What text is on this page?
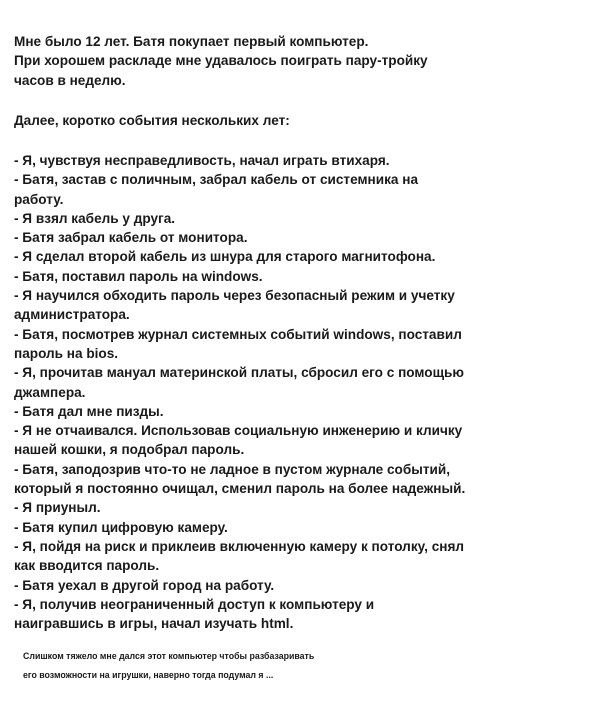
Мне было 12 лет. Батя покупает первый компьютер.
При хорошем раскладе мне удавалось поиграть пару-тройку
часов в неделю.
Далее, коротко события нескольких лет:
- Я, чувствуя несправедливость, начал играть втихаря.
- Батя, застав с поличным, забрал кабель от системника на
работу.
- Я взял кабель у друга.
- Батя забрал кабель от монитора.
- Я сделал второй кабель из шнура для старого магнитофона.
- Батя, поставил пароль на windows.
- Я научился обходить пароль через безопасный режим и учетку
администратора.
- Батя, посмотрев журнал системных событий windows, поставил
пароль на bios.
- Я, прочитав мануал материнской платы, сбросил его с помощью
джампера.
- Батя дал мне пизды.
- Я не отчаивался. Использовав социальную инженерию и кличку
нашей кошки, я подобрал пароль.
- Батя, заподозрив что-то не ладное в пустом журнале событий,
который я постоянно очищал, сменил пароль на более надежный.
- Я приуныл.
- Батя купил цифровую камеру.
- Я, пойдя на риск и приклеив включенную камеру к потолку, снял
как вводится пароль.
- Батя уехал в другой город на работу.
- Я, получив неограниченный доступ к компьютеру и
наигравшись в игры, начал изучать html.
Слишком тяжело мне дался этот компьютер чтобы разбазаривать
его возможности на игрушки, наверно тогда подумал я ...
